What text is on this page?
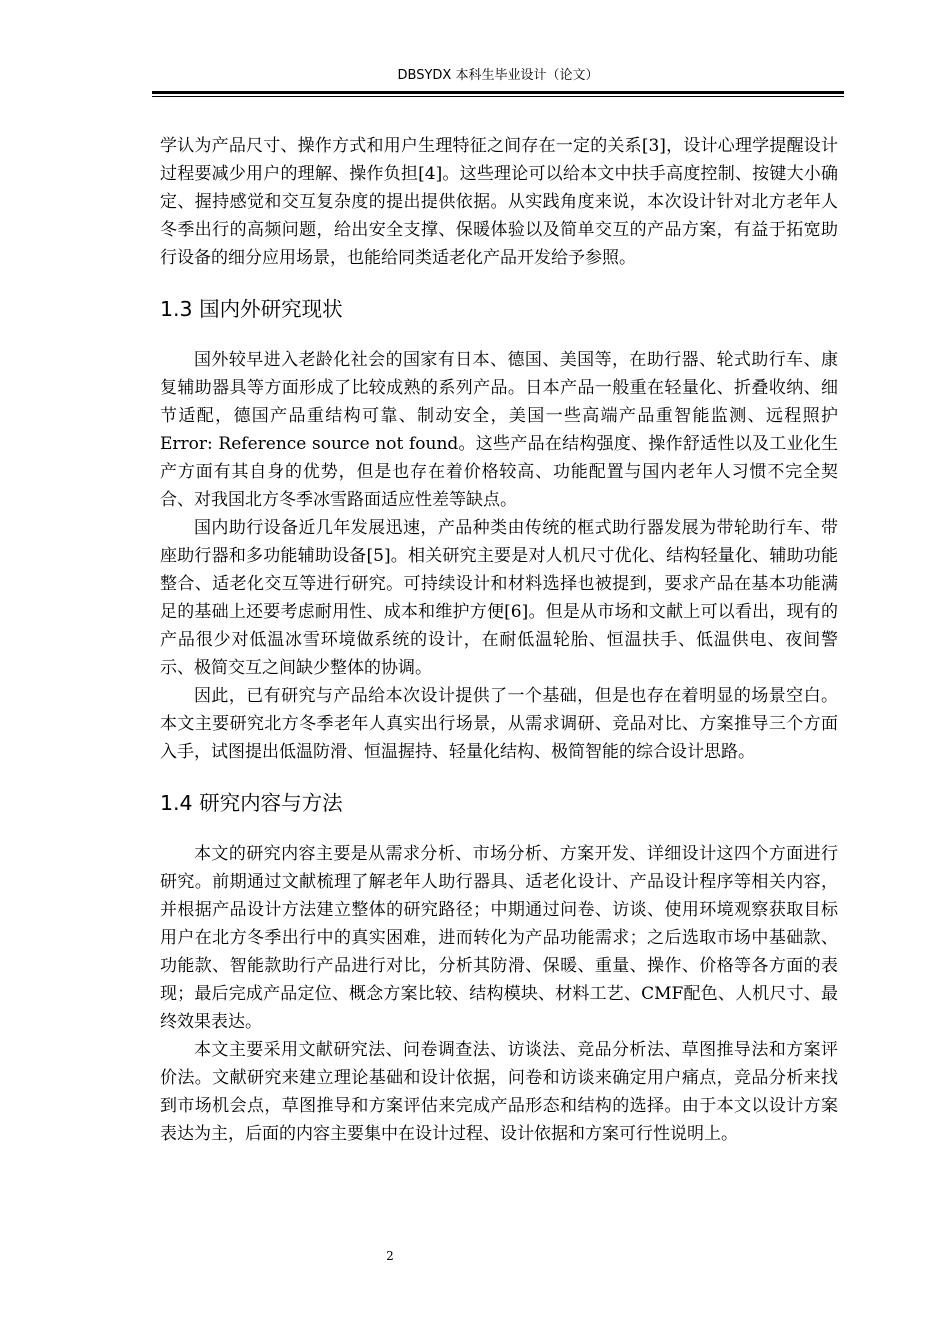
DBSYDX 本科生毕业设计（论文）

学认为产品尺寸、操作方式和用户生理特征之间存在一定的关系[3]，设计心理学提醒设计过程要减少用户的理解、操作负担[4]。这些理论可以给本文中扶手高度控制、按键大小确定、握持感觉和交互复杂度的提出提供依据。从实践角度来说，本次设计针对北方老年人冬季出行的高频问题，给出安全支撑、保暖体验以及简单交互的产品方案，有益于拓宽助行设备的细分应用场景，也能给同类适老化产品开发给予参照。

1.3 国内外研究现状

国外较早进入老龄化社会的国家有日本、德国、美国等，在助行器、轮式助行车、康复辅助器具等方面形成了比较成熟的系列产品。日本产品一般重在轻量化、折叠收纳、细节适配，德国产品重结构可靠、制动安全，美国一些高端产品重智能监测、远程照护Error: Reference source not found。这些产品在结构强度、操作舒适性以及工业化生产方面有其自身的优势，但是也存在着价格较高、功能配置与国内老年人习惯不完全契合、对我国北方冬季冰雪路面适应性差等缺点。

国内助行设备近几年发展迅速，产品种类由传统的框式助行器发展为带轮助行车、带座助行器和多功能辅助设备[5]。相关研究主要是对人机尺寸优化、结构轻量化、辅助功能整合、适老化交互等进行研究。可持续设计和材料选择也被提到，要求产品在基本功能满足的基础上还要考虑耐用性、成本和维护方便[6]。但是从市场和文献上可以看出，现有的产品很少对低温冰雪环境做系统的设计，在耐低温轮胎、恒温扶手、低温供电、夜间警示、极简交互之间缺少整体的协调。

因此，已有研究与产品给本次设计提供了一个基础，但是也存在着明显的场景空白。本文主要研究北方冬季老年人真实出行场景，从需求调研、竞品对比、方案推导三个方面入手，试图提出低温防滑、恒温握持、轻量化结构、极简智能的综合设计思路。

1.4 研究内容与方法

本文的研究内容主要是从需求分析、市场分析、方案开发、详细设计这四个方面进行研究。前期通过文献梳理了解老年人助行器具、适老化设计、产品设计程序等相关内容，并根据产品设计方法建立整体的研究路径；中期通过问卷、访谈、使用环境观察获取目标用户在北方冬季出行中的真实困难，进而转化为产品功能需求；之后选取市场中基础款、功能款、智能款助行产品进行对比，分析其防滑、保暖、重量、操作、价格等各方面的表现；最后完成产品定位、概念方案比较、结构模块、材料工艺、CMF配色、人机尺寸、最终效果表达。

本文主要采用文献研究法、问卷调查法、访谈法、竞品分析法、草图推导法和方案评价法。文献研究来建立理论基础和设计依据，问卷和访谈来确定用户痛点，竞品分析来找到市场机会点，草图推导和方案评估来完成产品形态和结构的选择。由于本文以设计方案表达为主，后面的内容主要集中在设计过程、设计依据和方案可行性说明上。

2
